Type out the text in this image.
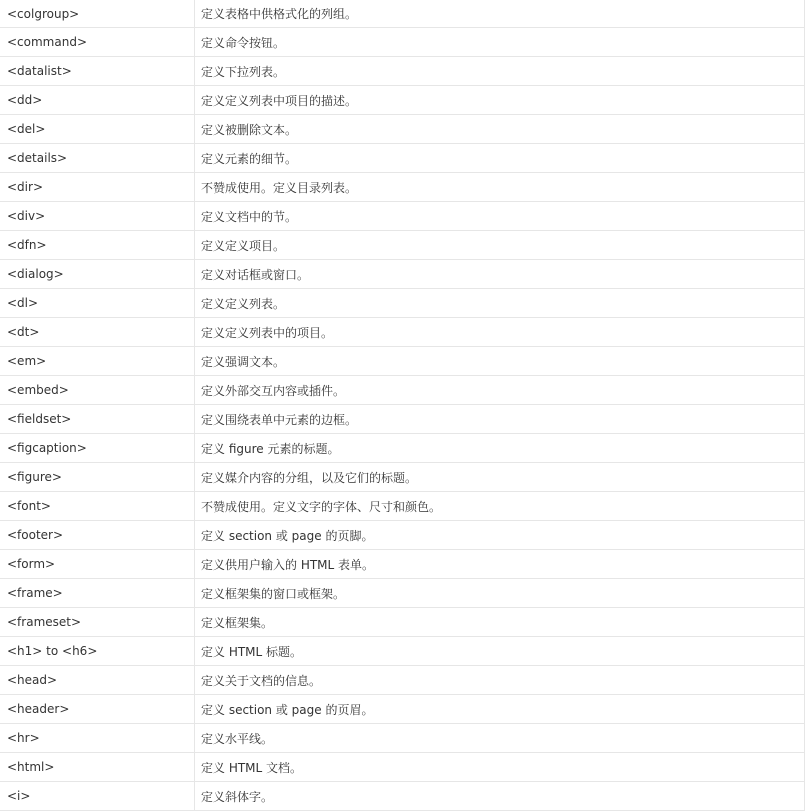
<colgroup>	定义表格中供格式化的列组。
<command>	定义命令按钮。
<datalist>	定义下拉列表。
<dd>	定义定义列表中项目的描述。
<del>	定义被删除文本。
<details>	定义元素的细节。
<dir>	不赞成使用。定义目录列表。
<div>	定义文档中的节。
<dfn>	定义定义项目。
<dialog>	定义对话框或窗口。
<dl>	定义定义列表。
<dt>	定义定义列表中的项目。
<em>	定义强调文本。
<embed>	定义外部交互内容或插件。
<fieldset>	定义围绕表单中元素的边框。
<figcaption>	定义 figure 元素的标题。
<figure>	定义媒介内容的分组，以及它们的标题。
<font>	不赞成使用。定义文字的字体、尺寸和颜色。
<footer>	定义 section 或 page 的页脚。
<form>	定义供用户输入的 HTML 表单。
<frame>	定义框架集的窗口或框架。
<frameset>	定义框架集。
<h1> to <h6>	定义 HTML 标题。
<head>	定义关于文档的信息。
<header>	定义 section 或 page 的页眉。
<hr>	定义水平线。
<html>	定义 HTML 文档。
<i>	定义斜体字。
